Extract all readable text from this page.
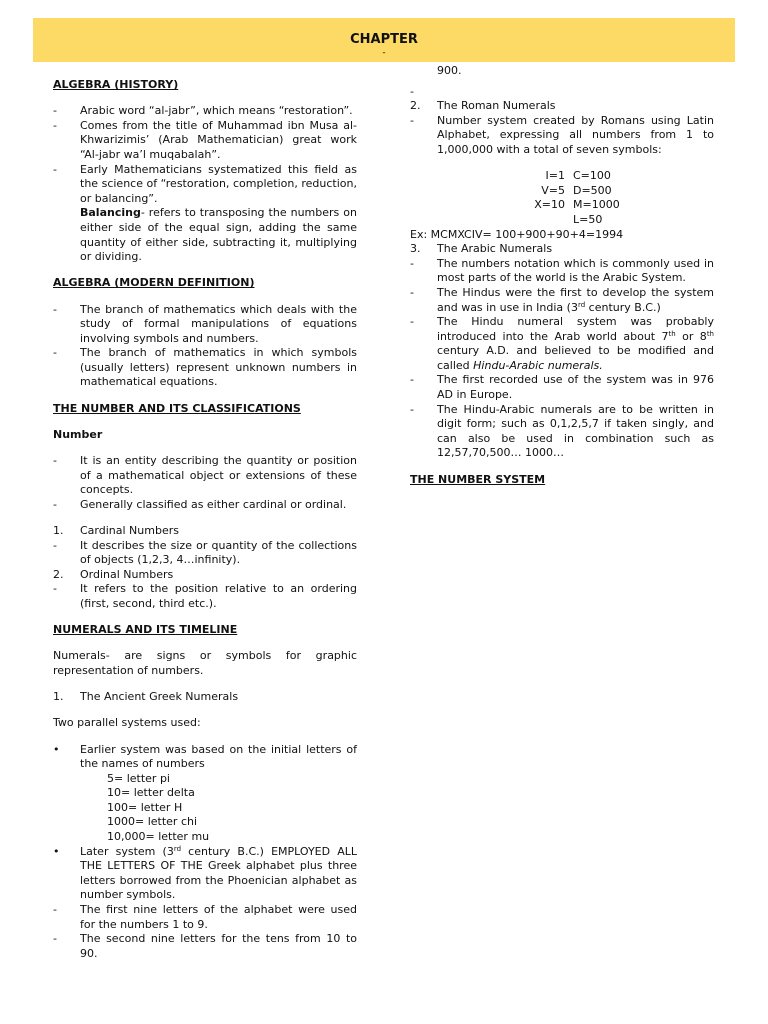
CHAPTER
-

ALGEBRA (HISTORY)

-	Arabic word “al-jabr”, which means “restoration”.
-	Comes from the title of Muhammad ibn Musa al-Khwarizimis’ (Arab Mathematician) great work “Al-jabr wa’l muqabalah”.
-	Early Mathematicians systematized this field as the science of “restoration, completion, reduction, or balancing”.

Balancing- refers to transposing the numbers on either side of the equal sign, adding the same quantity of either side, subtracting it, multiplying or dividing.

ALGEBRA (MODERN DEFINITION)

-	The branch of mathematics which deals with the study of formal manipulations of equations involving symbols and numbers.
-	The branch of mathematics in which symbols (usually letters) represent unknown numbers in mathematical equations.

THE NUMBER AND ITS CLASSIFICATIONS

Number

-	It is an entity describing the quantity or position of a mathematical object or extensions of these concepts.
-	Generally classified as either cardinal or ordinal.
1.	Cardinal Numbers
-	It describes the size or quantity of the collections of objects (1,2,3, 4…infinity).
2.	Ordinal Numbers
-	It refers to the position relative to an ordering (first, second, third etc.).

NUMERALS AND ITS TIMELINE

Numerals- are signs or symbols for graphic representation of numbers.

1.	The Ancient Greek Numerals

Two parallel systems used:

•	Earlier system was based on the initial letters of the names of numbers
5= letter pi
10= letter delta
100= letter H
1000= letter chi
10,000= letter mu
•	Later system (3rd century B.C.) EMPLOYED ALL THE LETTERS OF THE Greek alphabet plus three letters borrowed from the Phoenician alphabet as number symbols.
-	The first nine letters of the alphabet were used for the numbers 1 to 9.
-	The second nine letters for the tens from 10 to 90.

900.

-

2.	The Roman Numerals
-	Number system created by Romans using Latin Alphabet, expressing all numbers from 1 to 1,000,000 with a total of seven symbols:
I=1 C=100
V=5 D=500
X=10 M=1000
L=50

Ex: MCMXCIV= 100+900+90+4=1994

3.	The Arabic Numerals
-	The numbers notation which is commonly used in most parts of the world is the Arabic System.
-	The Hindus were the first to develop the system and was in use in India (3rd century B.C.)
-	The Hindu numeral system was probably introduced into the Arab world about 7th or 8th century A.D. and believed to be modified and called Hindu-Arabic numerals.
-	The first recorded use of the system was in 976 AD in Europe.
-	The Hindu-Arabic numerals are to be written in digit form; such as 0,1,2,5,7 if taken singly, and can also be used in combination such as 12,57,70,500… 1000…

THE NUMBER SYSTEM
